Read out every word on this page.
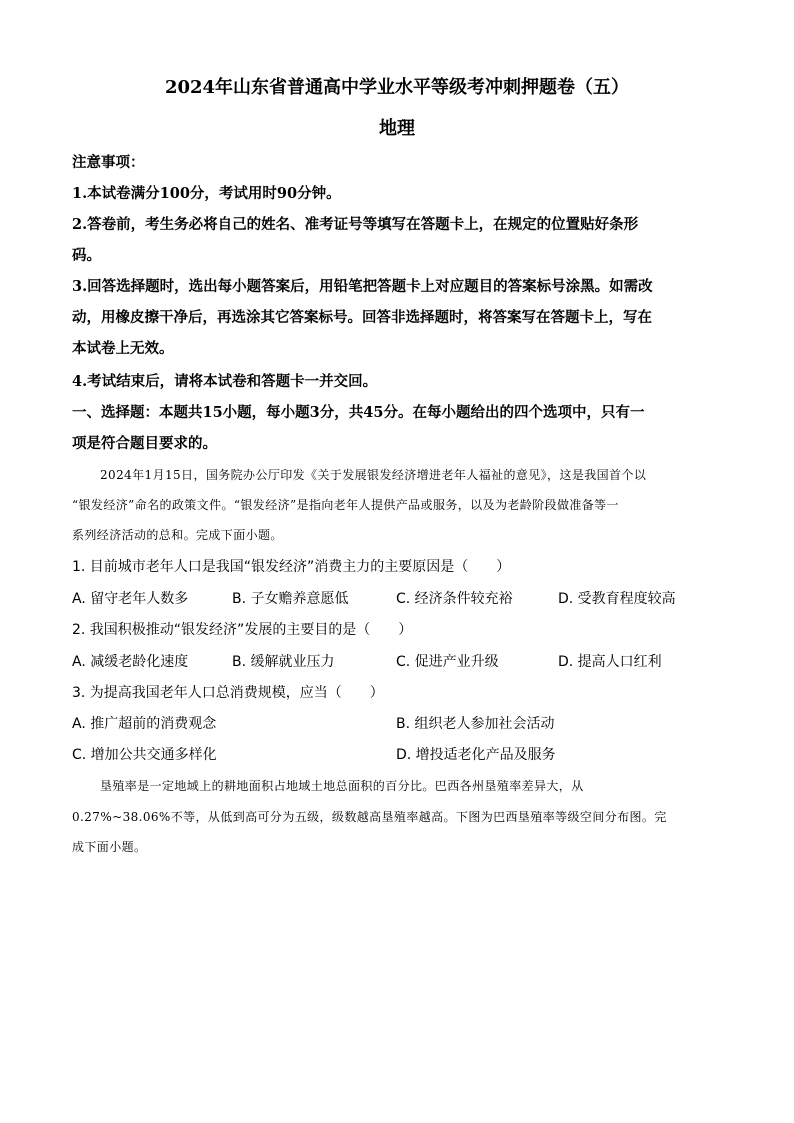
2024年山东省普通高中学业水平等级考冲刺押题卷（五）
地理
注意事项：
1.本试卷满分100分，考试用时90分钟。
2.答卷前，考生务必将自己的姓名、准考证号等填写在答题卡上，在规定的位置贴好条形
码。
3.回答选择题时，选出每小题答案后，用铅笔把答题卡上对应题目的答案标号涂黑。如需改
动，用橡皮擦干净后，再选涂其它答案标号。回答非选择题时，将答案写在答题卡上，写在
本试卷上无效。
4.考试结束后，请将本试卷和答题卡一并交回。
一、选择题：本题共15小题，每小题3分，共45分。在每小题给出的四个选项中，只有一
项是符合题目要求的。
2024年1月15日，国务院办公厅印发《关于发展银发经济增进老年人福祉的意见》，这是我国首个以
“银发经济”命名的政策文件。“银发经济”是指向老年人提供产品或服务，以及为老龄阶段做准备等一
系列经济活动的总和。完成下面小题。
1. 目前城市老年人口是我国“银发经济”消费主力的主要原因是（　　）
A. 留守老年人数多	B. 子女赡养意愿低	C. 经济条件较充裕	D. 受教育程度较高
2. 我国积极推动“银发经济”发展的主要目的是（　　）
A. 减缓老龄化速度	B. 缓解就业压力	C. 促进产业升级	D. 提高人口红利
3. 为提高我国老年人口总消费规模，应当（　　）
A. 推广超前的消费观念	B. 组织老人参加社会活动
C. 增加公共交通多样化	D. 增投适老化产品及服务
垦殖率是一定地域上的耕地面积占地域土地总面积的百分比。巴西各州垦殖率差异大，从
0.27%~38.06%不等，从低到高可分为五级，级数越高垦殖率越高。下图为巴西垦殖率等级空间分布图。完
成下面小题。
